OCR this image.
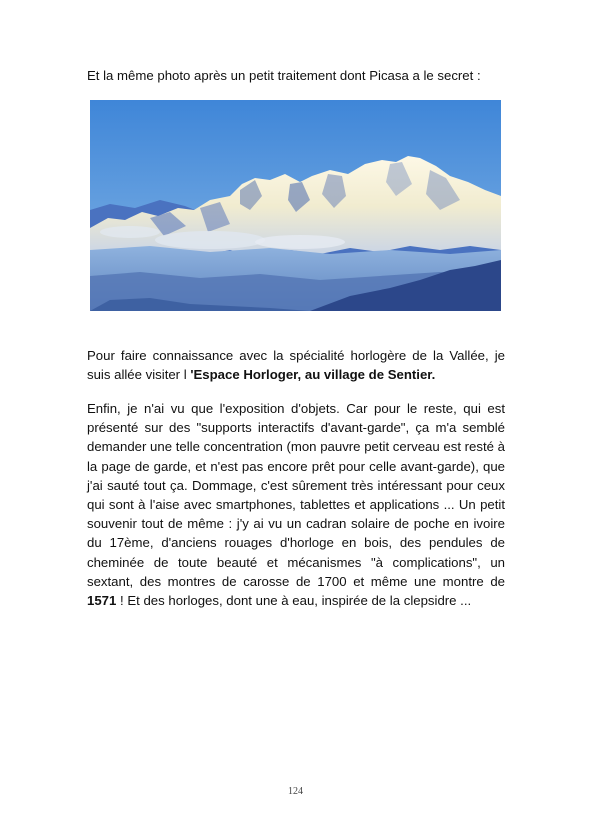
Et la même photo après un petit traitement dont Picasa a le secret :

Pour faire connaissance avec la spécialité horlogère de la Vallée, je suis allée visiter l 'Espace Horloger, au village de Sentier.

Enfin, je n'ai vu que l'exposition d'objets. Car pour le reste, qui est présenté sur des "supports interactifs d'avant-garde", ça m'a semblé demander une telle concentration (mon pauvre petit cerveau est resté à la page de garde, et n'est pas encore prêt pour celle avant-garde), que j'ai sauté tout ça. Dommage, c'est sûrement très intéressant pour ceux qui sont à l'aise avec smartphones, tablettes et applications ... Un petit souvenir tout de même : j'y ai vu un cadran solaire de poche en ivoire du 17ème, d'anciens rouages d'horloge en bois, des pendules de cheminée de toute beauté et mécanismes "à complications", un sextant, des montres de carosse de 1700 et même une montre de 1571 ! Et des horloges, dont une à eau, inspirée de la clepsidre ...

124
